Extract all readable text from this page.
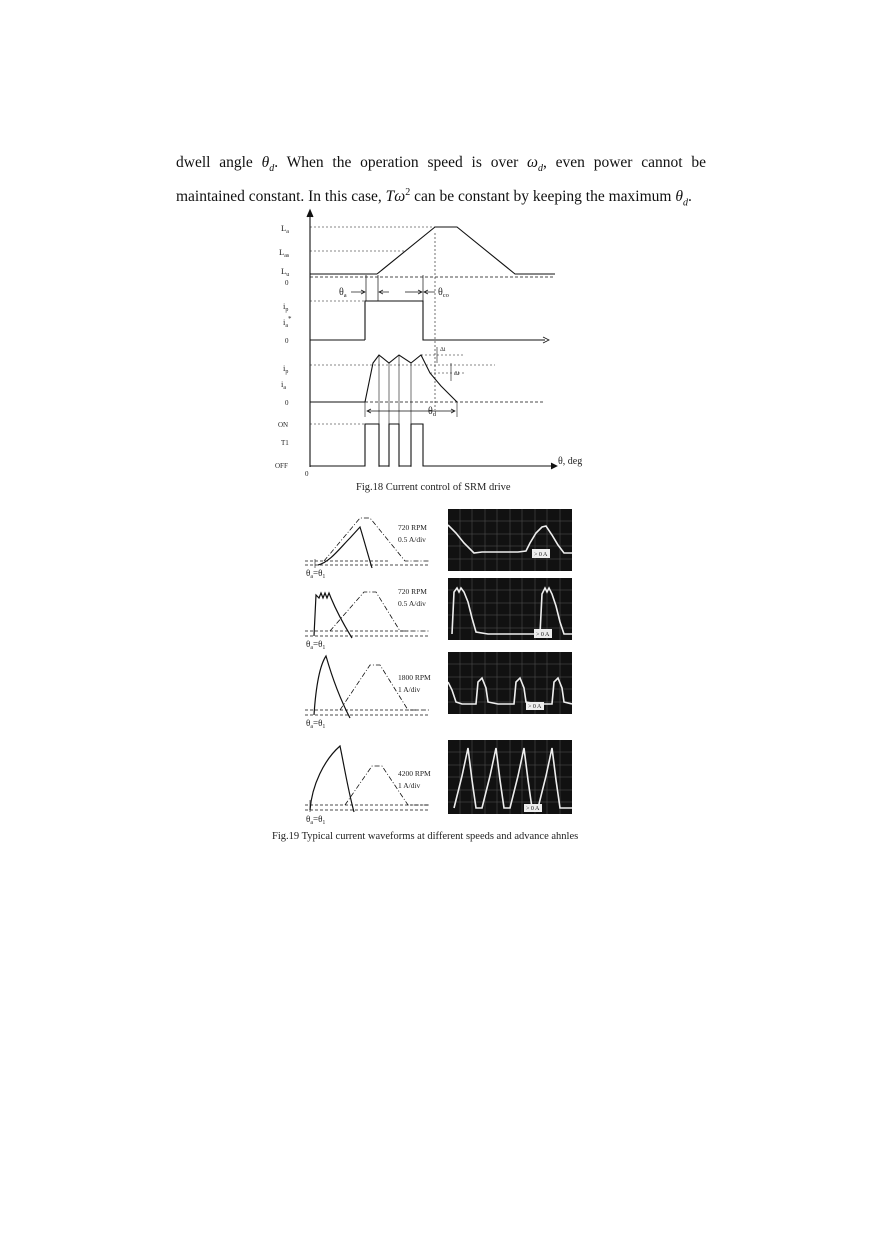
dwell angle $\theta_d$. When the operation speed is over $\omega_d$, even power cannot be
maintained constant. In this case, $T\omega^2$ can be constant by keeping the maximum $\theta_d$.
$L_a$
$L_{as}$
$L_u$
0
$\theta_a$	$\theta_{co}$
$i_p$
$i_a^*$
0
Δi
Δi
$i_p$
$i_a$
0
$\theta_d$
ON
T1
OFF
0
θ, deg
Fig.18 Current control of SRM drive
$\theta_a=\theta_1$
$\theta_a=\theta_1$
$\theta_a=\theta_1$
$\theta_a=\theta_1$
720 RPM
0.5 A/div
720 RPM
0.5 A/div
1800 RPM
1 A/div
4200 RPM
1 A/div
> 0 A
> 0 A
> 0 A
> 0 A
Fig.19 Typical current waveforms at different speeds and advance ahnles
